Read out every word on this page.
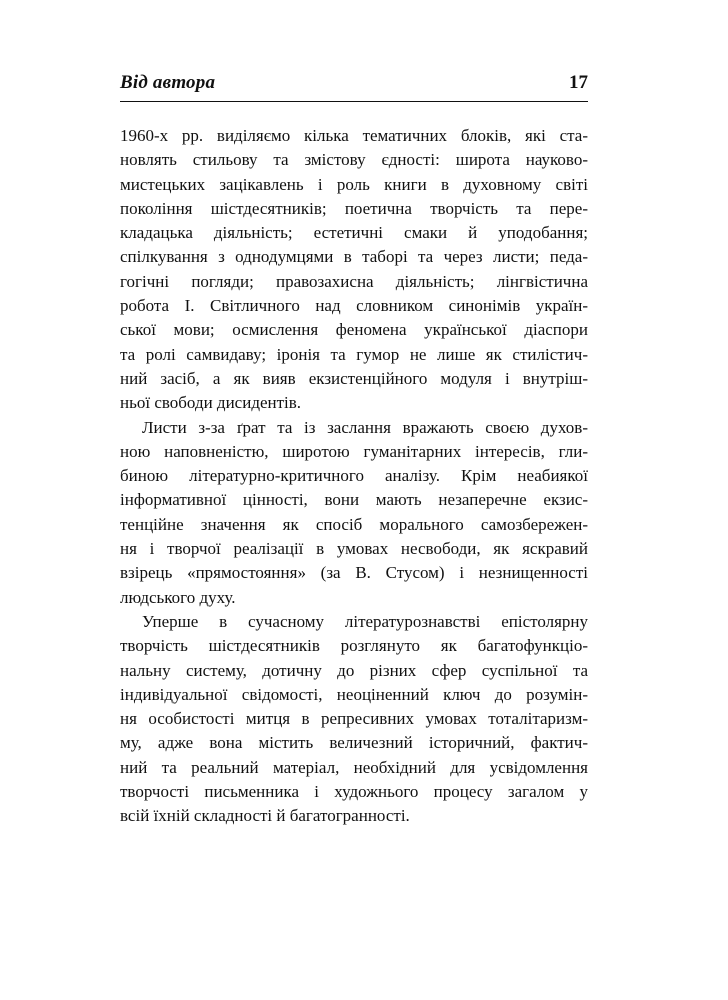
Від автора	17
1960-х рр. виділяємо кілька тематичних блоків, які ста-
новлять стильову та змістову єдності: широта науково-
мистецьких зацікавлень і роль книги в духовному світі
покоління шістдесятників; поетична творчість та пере-
кладацька діяльність; естетичні смаки й уподобання;
спілкування з однодумцями в таборі та через листи; педа-
гогічні погляди; правозахисна діяльність; лінгвістична
робота І. Світличного над словником синонімів україн-
ської мови; осмислення феномена української діаспори
та ролі самвидаву; іронія та гумор не лише як стилістич-
ний засіб, а як вияв екзистенційного модуля і внутріш-
ньої свободи дисидентів.
Листи з-за ґрат та із заслання вражають своєю духов-
ною наповненістю, широтою гуманітарних інтересів, гли-
биною літературно-критичного аналізу. Крім неабиякої
інформативної цінності, вони мають незаперечне екзис-
тенційне значення як спосіб морального самозбережен-
ня і творчої реалізації в умовах несвободи, як яскравий
взірець «прямостояння» (за В. Стусом) і незнищенності
людського духу.
Уперше в сучасному літературознавстві епістолярну
творчість шістдесятників розглянуто як багатофункціо-
нальну систему, дотичну до різних сфер суспільної та
індивідуальної свідомості, неоціненний ключ до розумін-
ня особистості митця в репресивних умовах тоталітаризм-
му, адже вона містить величезний історичний, фактич-
ний та реальний матеріал, необхідний для усвідомлення
творчості письменника і художнього процесу загалом у
всій їхній складності й багатогранності.
